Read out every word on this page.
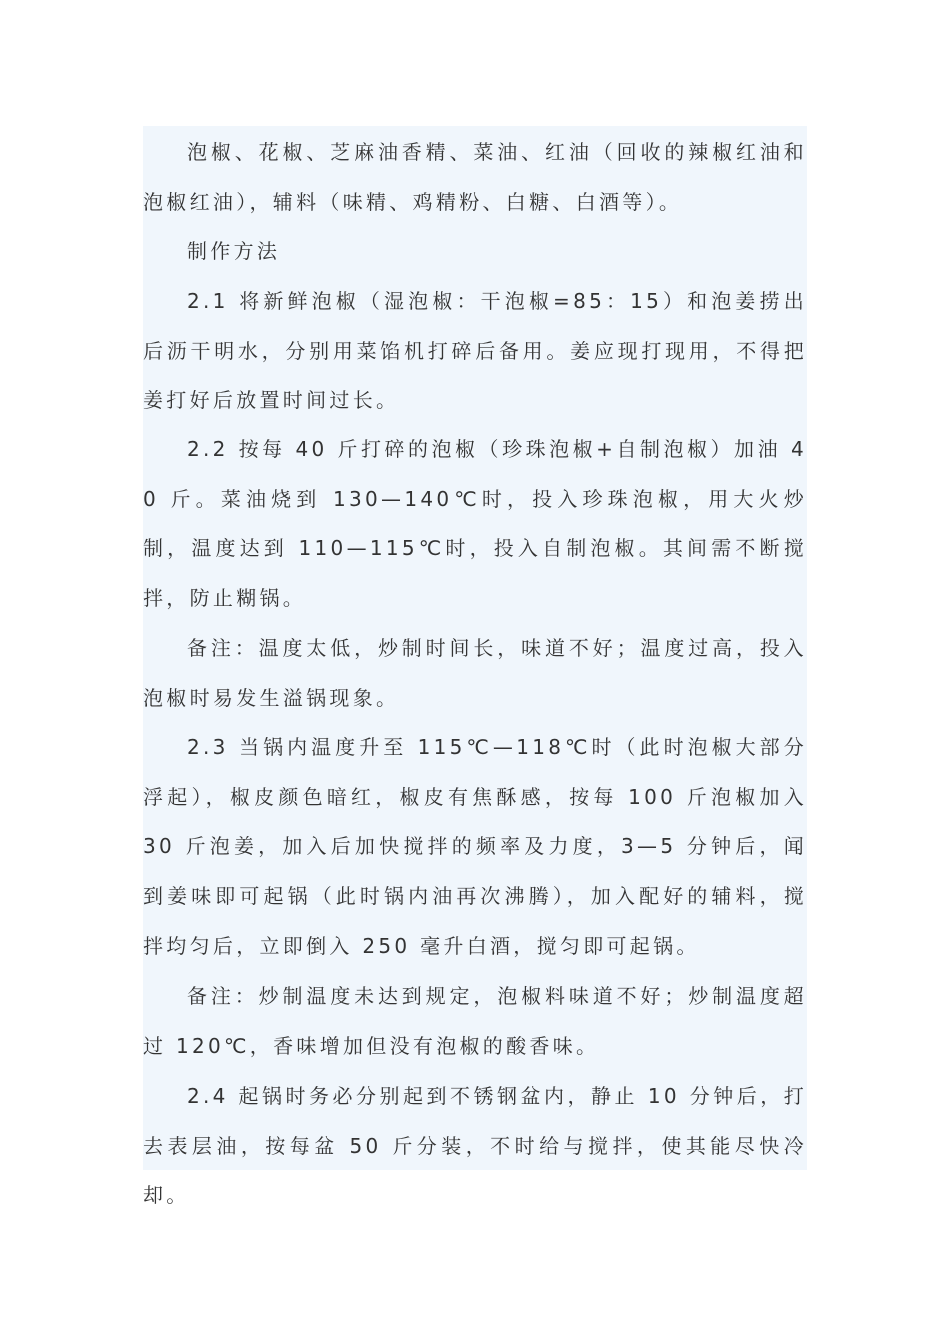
泡椒、花椒、芝麻油香精、菜油、红油（回收的辣椒红油和泡椒红油），辅料（味精、鸡精粉、白糖、白酒等）。

制作方法

2.1 将新鲜泡椒（湿泡椒：干泡椒=85：15）和泡姜捞出后沥干明水，分别用菜馅机打碎后备用。姜应现打现用，不得把姜打好后放置时间过长。

2.2 按每 40 斤打碎的泡椒（珍珠泡椒+自制泡椒）加油 40 斤。菜油烧到 130—140℃时，投入珍珠泡椒，用大火炒制，温度达到 110—115℃时，投入自制泡椒。其间需不断搅拌，防止糊锅。

备注：温度太低，炒制时间长，味道不好；温度过高，投入泡椒时易发生溢锅现象。

2.3 当锅内温度升至 115℃—118℃时（此时泡椒大部分浮起），椒皮颜色暗红，椒皮有焦酥感，按每 100 斤泡椒加入 30 斤泡姜，加入后加快搅拌的频率及力度，3—5 分钟后，闻到姜味即可起锅（此时锅内油再次沸腾），加入配好的辅料，搅拌均匀后，立即倒入 250 毫升白酒，搅匀即可起锅。

备注：炒制温度未达到规定，泡椒料味道不好；炒制温度超过 120℃，香味增加但没有泡椒的酸香味。

2.4 起锅时务必分别起到不锈钢盆内，静止 10 分钟后，打去表层油，按每盆 50 斤分装，不时给与搅拌，使其能尽快冷却。
